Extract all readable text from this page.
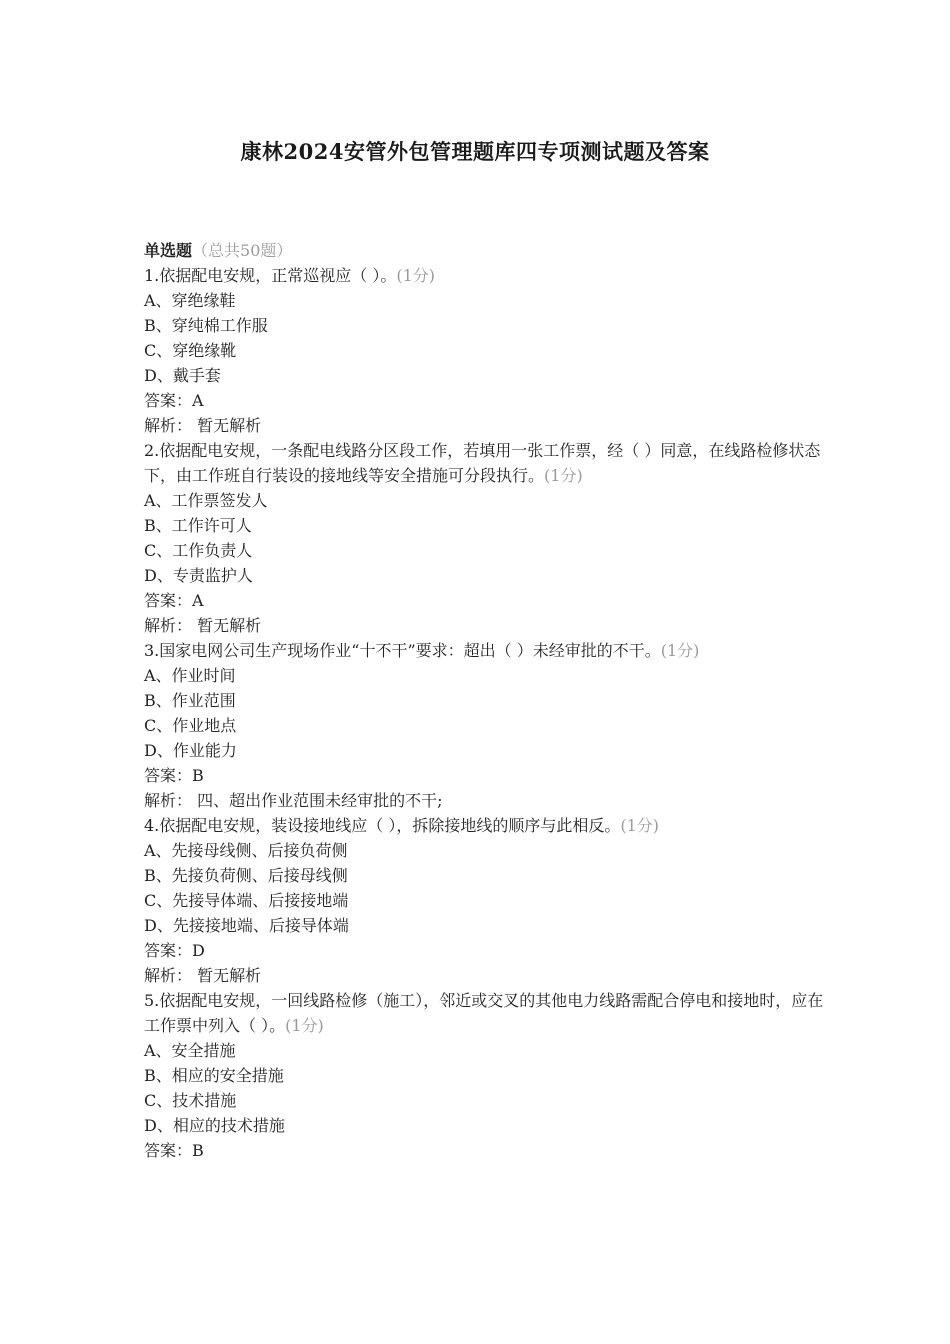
康林2024安管外包管理题库四专项测试题及答案
单选题（总共50题）
1.依据配电安规，正常巡视应（ ）。(1分)
A、穿绝缘鞋
B、穿纯棉工作服
C、穿绝缘靴
D、戴手套
答案：A
解析： 暂无解析
2.依据配电安规，一条配电线路分区段工作，若填用一张工作票，经（ ）同意，在线路检修状态下，由工作班自行装设的接地线等安全措施可分段执行。(1分)
A、工作票签发人
B、工作许可人
C、工作负责人
D、专责监护人
答案：A
解析： 暂无解析
3.国家电网公司生产现场作业“十不干”要求：超出（ ）未经审批的不干。(1分)
A、作业时间
B、作业范围
C、作业地点
D、作业能力
答案：B
解析： 四、超出作业范围未经审批的不干;
4.依据配电安规，装设接地线应（ ），拆除接地线的顺序与此相反。(1分)
A、先接母线侧、后接负荷侧
B、先接负荷侧、后接母线侧
C、先接导体端、后接接地端
D、先接接地端、后接导体端
答案：D
解析： 暂无解析
5.依据配电安规，一回线路检修（施工），邻近或交叉的其他电力线路需配合停电和接地时，应在工作票中列入（ ）。(1分)
A、安全措施
B、相应的安全措施
C、技术措施
D、相应的技术措施
答案：B
